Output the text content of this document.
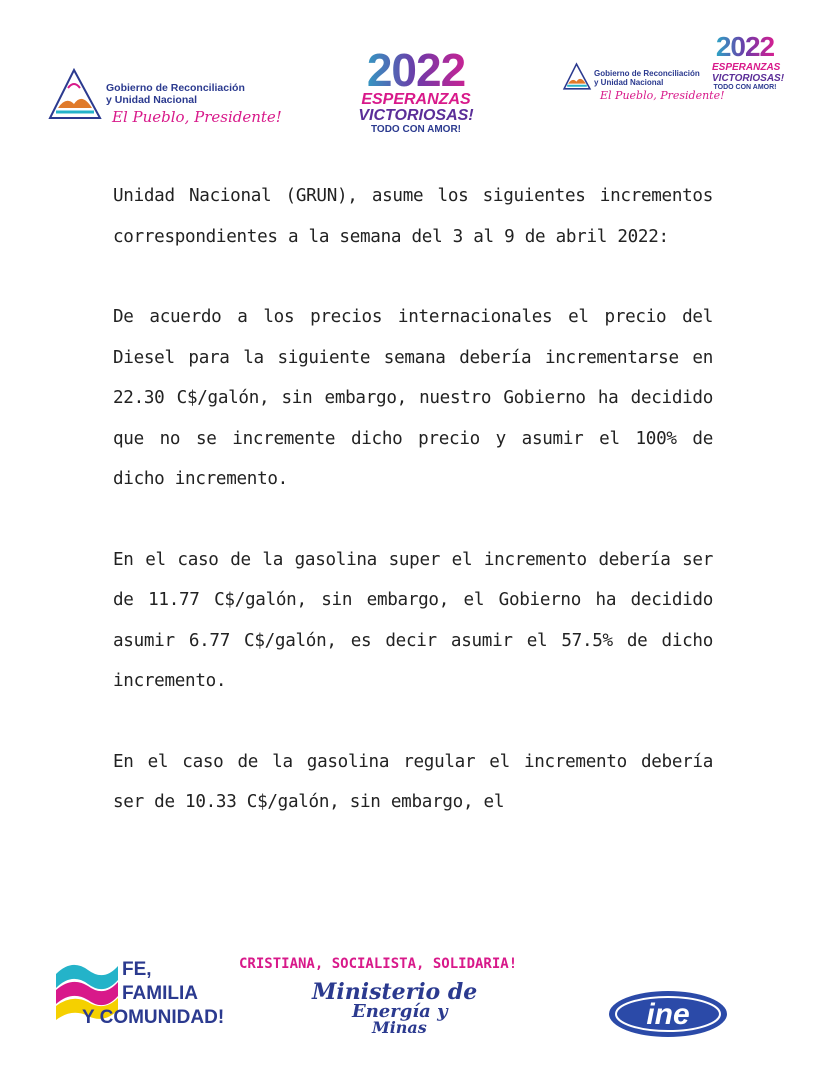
Gobierno de Reconciliación
y Unidad Nacional
El Pueblo, Presidente!
2022
ESPERANZAS
VICTORIOSAS!
TODO CON AMOR!
Gobierno de Reconciliación
y Unidad Nacional
El Pueblo, Presidente!
2022
ESPERANZAS
VICTORIOSAS!
TODO CON AMOR!

Unidad Nacional (GRUN), asume los siguientes incrementos correspondientes a la semana del 3 al 9 de abril 2022:

De acuerdo a los precios internacionales el precio del Diesel para la siguiente semana debería incrementarse en 22.30 C$/galón, sin embargo, nuestro Gobierno ha decidido que no se incremente dicho precio y asumir el 100% de dicho incremento.

En el caso de la gasolina super el incremento debería ser de 11.77 C$/galón, sin embargo, el Gobierno ha decidido asumir 6.77 C$/galón, es decir asumir el 57.5% de dicho incremento.

En el caso de la gasolina regular el incremento debería ser de 10.33 C$/galón, sin embargo, el

FE,
FAMILIA
Y COMUNIDAD!
CRISTIANA, SOCIALISTA, SOLIDARIA!
Ministerio de
Energía y
Minas	ine
